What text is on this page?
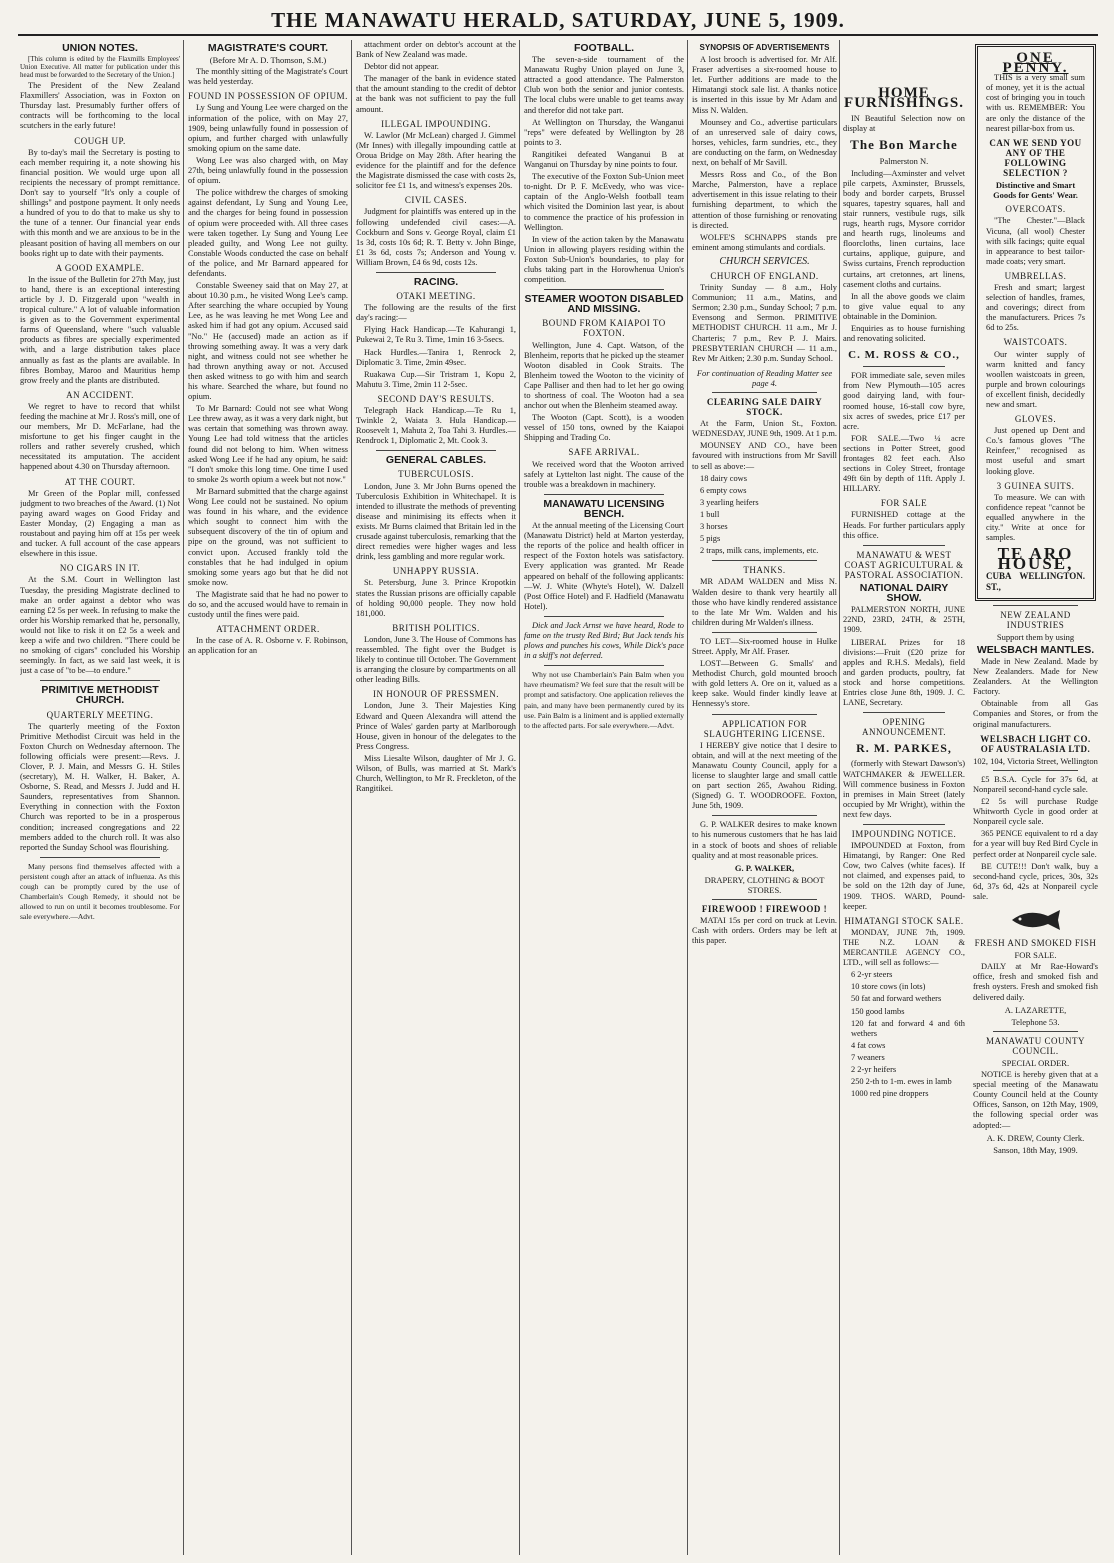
THE MANAWATU HERALD, SATURDAY, JUNE 5, 1909.
UNION NOTES.

[This column is edited by the Flaxmills Employees' Union Executive. All matter for publication under this head must be forwarded to the Secretary of the Union.]

The President of the New Zealand Flaxmillers' Association, was in Foxton on Thursday last. Presumably further offers of contracts will be forthcoming to the local scutchers in the early future!

COUGH UP.

By to-day's mail the Secretary is posting to each member requiring it, a note showing his financial position. We would urge upon all recipients the necessary of prompt remittance. Don't say to yourself "It's only a couple of shillings" and postpone payment. It only needs a hundred of you to do that to make us shy to the tune of a tenner. Our financial year ends with this month and we are anxious to be in the pleasant position of having all members on our books right up to date with their payments.

A GOOD EXAMPLE.

In the issue of the Bulletin for 27th May, just to hand, there is an exceptional interesting article by J. D. Fitzgerald upon "wealth in tropical culture." A lot of valuable information is given as to the Government experimental farms of Queensland, where "such valuable products as fibres are specially experimented with, and a large distribution takes place annually as fast as the plants are available. In fibres Bombay, Maroo and Mauritius hemp grow freely and the plants are distributed.

AN ACCIDENT.

We regret to have to record that whilst feeding the machine at Mr J. Ross's mill, one of our members, Mr D. McFarlane, had the misfortune to get his finger caught in the rollers and rather severely crushed, which necessitated its amputation. The accident happened about 4.30 on Thursday afternoon.

AT THE COURT.

Mr Green of the Poplar mill, confessed judgment to two breaches of the Award. (1) Not paying award wages on Good Friday and Easter Monday, (2) Engaging a man as roustabout and paying him off at 15s per week and tucker. A full account of the case appears elsewhere in this issue.

NO CIGARS IN IT.

At the S.M. Court in Wellington last Tuesday, the presiding Magistrate declined to make an order against a debtor who was earning £2 5s per week. In refusing to make the order his Worship remarked that he, personally, would not like to risk it on £2 5s a week and keep a wife and two children. "There could be no smoking of cigars" concluded his Worship seemingly. In fact, as we said last week, it is just a case of "to be—to endure."

PRIMITIVE METHODIST CHURCH.
QUARTERLY MEETING.

The quarterly meeting of the Foxton Primitive Methodist Circuit was held in the Foxton Church on Wednesday afternoon. The following officials were present:—Revs. J. Clover, P. J. Main, and Messrs G. H. Stiles (secretary), M. H. Walker, H. Baker, A. Osborne, S. Read, and Messrs J. Judd and H. Saunders, representatives from Shannon. Everything in connection with the Foxton Church was reported to be in a prosperous condition; increased congregations and 22 members added to the church roll. It was also reported the Sunday School was flourishing.

Many persons find themselves affected with a persistent cough after an attack of influenza. As this cough can be promptly cured by the use of Chamberlain's Cough Remedy, it should not be allowed to run on until it becomes troublesome. For sale everywhere.—Advt.

MAGISTRATE'S COURT.
(Before Mr A. D. Thomson, S.M.)

The monthly sitting of the Magistrate's Court was held yesterday.

FOUND IN POSSESSION OF OPIUM.

Ly Sung and Young Lee were charged on the information of the police, with on May 27, 1909, being unlawfully found in possession of opium, and further charged with unlawfully smoking opium on the same date.

Wong Lee was also charged with, on May 27th, being unlawfully found in the possession of opium.

The police withdrew the charges of smoking against defendant, Ly Sung and Young Lee, and the charges for being found in possession of opium were proceeded with. All three cases were taken together. Ly Sung and Young Lee pleaded guilty, and Wong Lee not guilty. Constable Woods conducted the case on behalf of the police, and Mr Barnard appeared for defendants.

Constable Sweeney said that on May 27, at about 10.30 p.m., he visited Wong Lee's camp. After searching the whare occupied by Young Lee, as he was leaving he met Wong Lee and asked him if had got any opium. Accused said "No." He (accused) made an action as if throwing something away. It was a very dark night, and witness could not see whether he had thrown anything away or not. Accused then asked witness to go with him and search his whare. Searched the whare, but found no opium.

To Mr Barnard: Could not see what Wong Lee threw away, as it was a very dark night, but was certain that something was thrown away. Young Lee had told witness that the articles found did not belong to him. When witness asked Wong Lee if he had any opium, he said: "I don't smoke this long time. One time I used to smoke 2s worth opium a week but not now."

Mr Barnard submitted that the charge against Wong Lee could not be sustained. No opium was found in his whare, and the evidence which sought to connect him with the subsequent discovery of the tin of opium and pipe on the ground, was not sufficient to convict upon. Accused frankly told the constables that he had indulged in opium smoking some years ago but that he did not smoke now.

The Magistrate said that he had no power to do so, and the accused would have to remain in custody until the fines were paid.

ATTACHMENT ORDER.

In the case of A. R. Osborne v. F. Robinson, an application for an

attachment order on debtor's account at the Bank of New Zealand was made.

Debtor did not appear.

The manager of the bank in evidence stated that the amount standing to the credit of debtor at the bank was not sufficient to pay the full amount.

ILLEGAL IMPOUNDING.

W. Lawlor (Mr McLean) charged J. Gimmel (Mr Innes) with illegally impounding cattle at Oroua Bridge on May 28th. After hearing the evidence for the plaintiff and for the defence the Magistrate dismissed the case with costs 2s, solicitor fee £1 1s, and witness's expenses 20s.

CIVIL CASES.

Judgment for plaintiffs was entered up in the following undefended civil cases:—A. Cockburn and Sons v. George Royal, claim £1 1s 3d, costs 10s 6d; R. T. Betty v. John Binge, £1 3s 6d, costs 7s; Anderson and Young v. William Brown, £4 6s 9d, costs 12s.

RACING.
OTAKI MEETING.

The following are the results of the first day's racing:—

Flying Hack Handicap.—Te Kahurangi 1, Pukewai 2, Te Ru 3. Time, 1min 16 3-5secs.

Hack Hurdles.—Tanira 1, Renrock 2, Diplomatic 3. Time, 2min 49sec.

Ruakawa Cup.—Sir Tristram 1, Kopu 2, Mahutu 3. Time, 2min 11 2-5sec.

SECOND DAY'S RESULTS.

Telegraph Hack Handicap.—Te Ru 1, Twinkle 2, Waiata 3. Hula Handicap.—Roosevelt 1, Mahuta 2, Toa Tahi 3. Hurdles.—Rendrock 1, Diplomatic 2, Mt. Cook 3.

GENERAL CABLES.
TUBERCULOSIS.

London, June 3. Mr John Burns opened the Tuberculosis Exhibition in Whitechapel. It is intended to illustrate the methods of preventing disease and minimising its effects when it exists. Mr Burns claimed that Britain led in the crusade against tuberculosis, remarking that the direct remedies were higher wages and less drink, less gambling and more regular work.

UNHAPPY RUSSIA.

St. Petersburg, June 3. Prince Kropotkin states the Russian prisons are officially capable of holding 90,000 people. They now hold 181,000.

BRITISH POLITICS.

London, June 3. The House of Commons has reassembled. The fight over the Budget is likely to continue till October. The Government is arranging the closure by compartments on all other leading Bills.

IN HONOUR OF PRESSMEN.

London, June 3. Their Majesties King Edward and Queen Alexandra will attend the Prince of Wales' garden party at Marlborough House, given in honour of the delegates to the Press Congress.

Miss Liesalte Wilson, daughter of Mr J. G. Wilson, of Bulls, was married at St. Mark's Church, Wellington, to Mr R. Freckleton, of the Rangitikei.

FOOTBALL.

The seven-a-side tournament of the Manawatu Rugby Union played on June 3, attracted a good attendance. The Palmerston Club won both the senior and junior contests. The local clubs were unable to get teams away and therefor did not take part.

At Wellington on Thursday, the Wanganui "reps" were defeated by Wellington by 28 points to 3.

Rangitikei defeated Wanganui B at Wanganui on Thursday by nine points to four.

The executive of the Foxton Sub-Union meet to-night. Dr P. F. McEvedy, who was vice-captain of the Anglo-Welsh football team which visited the Dominion last year, is about to commence the practice of his profession in Wellington.

In view of the action taken by the Manawatu Union in allowing players residing within the Foxton Sub-Union's boundaries, to play for clubs taking part in the Horowhenua Union's competition.

STEAMER WOOTON DISABLED AND MISSING.
BOUND FROM KAIAPOI TO FOXTON.

Wellington, June 4. Capt. Watson, of the Blenheim, reports that he picked up the steamer Wooton disabled in Cook Straits. The Blenheim towed the Wooton to the vicinity of Cape Palliser and then had to let her go owing to shortness of coal. The Wooton had a sea anchor out when the Blenheim steamed away.

The Wooton (Capt. Scott), is a wooden vessel of 150 tons, owned by the Kaiapoi Shipping and Trading Co.

SAFE ARRIVAL.

We received word that the Wooton arrived safely at Lyttelton last night. The cause of the trouble was a breakdown in machinery.

MANAWATU LICENSING BENCH.

At the annual meeting of the Licensing Court (Manawatu District) held at Marton yesterday, the reports of the police and health officer in respect of the Foxton hotels was satisfactory. Every application was granted. Mr Reade appeared on behalf of the following applicants:—W. J. White (Whyte's Hotel), W. Dalzell (Post Office Hotel) and F. Hadfield (Manawatu Hotel).

Dick and Jack Arnst we have heard, Rode to fame on the trusty Red Bird; But Jack tends his plows and punches his cows, While Dick's pace in a skiff's not deferred.

Why not use Chamberlain's Pain Balm when you have rheumatism? We feel sure that the result will be prompt and satisfactory. One application relieves the pain, and many have been permanently cured by its use. Pain Balm is a liniment and is applied externally to the affected parts. For sale everywhere.—Advt.

SYNOPSIS OF ADVERTISEMENTS

A lost brooch is advertised for. Mr Alf. Fraser advertises a six-roomed house to let. Further additions are made to the Himatangi stock sale list. A thanks notice is inserted in this issue by Mr Adam and Miss N. Walden.

Mounsey and Co., advertise particulars of an unreserved sale of dairy cows, horses, vehicles, farm sundries, etc., they are conducting on the farm, on Wednesday next, on behalf of Mr Savill.

Messrs Ross and Co., of the Bon Marche, Palmerston, have a replace advertisement in this issue relating to their furnishing department, to which the attention of those furnishing or renovating is directed.

WOLFE'S SCHNAPPS stands pre eminent among stimulants and cordials.

CHURCH SERVICES.
CHURCH OF ENGLAND.

Trinity Sunday — 8 a.m., Holy Communion; 11 a.m., Matins, and Sermon; 2.30 p.m., Sunday School; 7 p.m. Evensong and Sermon. PRIMITIVE METHODIST CHURCH. 11 a.m., Mr J. Charteris; 7 p.m., Rev P. J. Mairs. PRESBYTERIAN CHURCH — 11 a.m., Rev Mr Aitken; 2.30 p.m. Sunday School.

For continuation of Reading Matter see page 4.
CLEARING SALE DAIRY STOCK.

At the Farm, Union St., Foxton. WEDNESDAY, JUNE 9th, 1909. At 1 p.m.

MOUNSEY AND CO., have been favoured with instructions from Mr Savill to sell as above:—

18 dairy cows

6 empty cows

3 yearling heifers

1 bull

3 horses

5 pigs

2 traps, milk cans, implements, etc.

THANKS.

MR ADAM WALDEN and Miss N. Walden desire to thank very heartily all those who have kindly rendered assistance to the late Mr Wm. Walden and his children during Mr Walden's illness.

TO LET—Six-roomed house in Hulke Street. Apply, Mr Alf. Fraser.

LOST—Between G. Smalls' and Methodist Church, gold mounted brooch with gold letters A. Ore on it, valued as a keep sake. Would finder kindly leave at Hennessy's store.

APPLICATION FOR SLAUGHTERING LICENSE.

I HEREBY give notice that I desire to obtain, and will at the next meeting of the Manawatu County Council, apply for a license to slaughter large and small cattle on part section 265, Awahou Riding. (Signed) G. T. WOODROOFE. Foxton, June 5th, 1909.

G. P. WALKER desires to make known to his numerous customers that he has laid in a stock of boots and shoes of reliable quality and at most reasonable prices.

G. P. WALKER,
DRAPERY, CLOTHING & BOOT STORES.
FIREWOOD ! FIREWOOD !

MATAI 15s per cord on truck at Levin. Cash with orders. Orders may be left at this paper.

HOME FURNISHINGS.

IN Beautiful Selection now on display at

The Bon Marche
Palmerston N.

Including—Axminster and velvet pile carpets, Axminster, Brussels, body and border carpets, Brussel squares, tapestry squares, hall and stair runners, vestibule rugs, silk rugs, hearth rugs, Mysore corridor and hearth rugs, linoleums and floorcloths, linen curtains, lace curtains, applique, guipure, and Swiss curtains, French reproduction curtains, art cretonnes, art linens, casement cloths and curtains.

In all the above goods we claim to give value equal to any obtainable in the Dominion.

Enquiries as to house furnishing and renovating solicited.

C. M. ROSS & CO.,

FOR immediate sale, seven miles from New Plymouth—105 acres good dairying land, with four-roomed house, 16-stall cow byre, six acres of swedes, price £17 per acre.

FOR SALE.—Two ¼ acre sections in Potter Street, good frontages 82 feet each. Also sections in Coley Street, frontage 49ft 6in by depth of 11ft. Apply J. HILLARY.

FOR SALE

FURNISHED cottage at the Heads. For further particulars apply this office.

MANAWATU & WEST COAST AGRICULTURAL & PASTORAL ASSOCIATION.
NATIONAL DAIRY SHOW.

PALMERSTON NORTH, JUNE 22ND, 23RD, 24TH, & 25TH, 1909.

LIBERAL Prizes for 18 divisions:—Fruit (£20 prize for apples and R.H.S. Medals), field and garden products, poultry, fat stock and horse competitions. Entries close June 8th, 1909. J. C. LANE, Secretary.

OPENING ANNOUNCEMENT.
R. M. PARKES,

(formerly with Stewart Dawson's) WATCHMAKER & JEWELLER. Will commence business in Foxton in premises in Main Street (lately occupied by Mr Wright), within the next few days.

IMPOUNDING NOTICE.

IMPOUNDED at Foxton, from Himatangi, by Ranger: One Red Cow, two Calves (white faces). If not claimed, and expenses paid, to be sold on the 12th day of June, 1909. THOS. WARD, Pound-keeper.

HIMATANGI STOCK SALE.

MONDAY, JUNE 7th, 1909. THE N.Z. LOAN & MERCANTILE AGENCY CO., LTD., will sell as follows:—

6 2-yr steers

10 store cows (in lots)

50 fat and forward wethers

150 good lambs

120 fat and forward 4 and 6th wethers

4 fat cows

7 weaners

2 2-yr heifers

250 2-th to 1-m. ewes in lamb

1000 red pine droppers

ONE PENNY.

THIS is a very small sum of money, yet it is the actual cost of bringing you in touch with us. REMEMBER: You are only the distance of the nearest pillar-box from us.

CAN WE SEND YOU ANY OF THE FOLLOWING SELECTION ?
Distinctive and Smart Goods for Gents' Wear.
OVERCOATS.

"The Chester."—Black Vicuna, (all wool) Chester with silk facings; quite equal in appearance to best tailor-made coats; very smart.

UMBRELLAS.

Fresh and smart; largest selection of handles, frames, and coverings; direct from the manufacturers. Prices 7s 6d to 25s.

WAISTCOATS.

Our winter supply of warm knitted and fancy woollen waistcoats in green, purple and brown colourings of excellent finish, decidedly new and smart.

GLOVES.

Just opened up Dent and Co.'s famous gloves "The Reinfeer," recognised as most useful and smart looking glove.

3 GUINEA SUITS.

To measure. We can with confidence repeat "cannot be equalled anywhere in the city." Write at once for samples.

TE ARO HOUSE,
CUBA ST.,
WELLINGTON.
NEW ZEALAND INDUSTRIES
Support them by using
WELSBACH MANTLES.

Made in New Zealand. Made by New Zealanders. Made for New Zealanders. At the Wellington Factory.

Obtainable from all Gas Companies and Stores, or from the original manufacturers.

WELSBACH LIGHT CO. OF AUSTRALASIA LTD.
102, 104, Victoria Street, Wellington

£5 B.S.A. Cycle for 37s 6d, at Nonpareil second-hand cycle sale.

£2 5s will purchase Rudge Whitworth Cycle in good order at Nonpareil cycle sale.

365 PENCE equivalent to rd a day for a year will buy Red Bird Cycle in perfect order at Nonpareil cycle sale.

BE CUTE!!! Don't walk, buy a second-hand cycle, prices, 30s, 32s 6d, 37s 6d, 42s at Nonpareil cycle sale.

FRESH AND SMOKED FISH
FOR SALE.

DAILY at Mr Rae-Howard's office, fresh and smoked fish and fresh oysters. Fresh and smoked fish delivered daily.

A. LAZARETTE,
Telephone 53.
MANAWATU COUNTY COUNCIL.
SPECIAL ORDER.

NOTICE is hereby given that at a special meeting of the Manawatu County Council held at the County Offices, Sanson, on 12th May, 1909, the following special order was adopted:—

A. K. DREW, County Clerk.
Sanson, 18th May, 1909.
